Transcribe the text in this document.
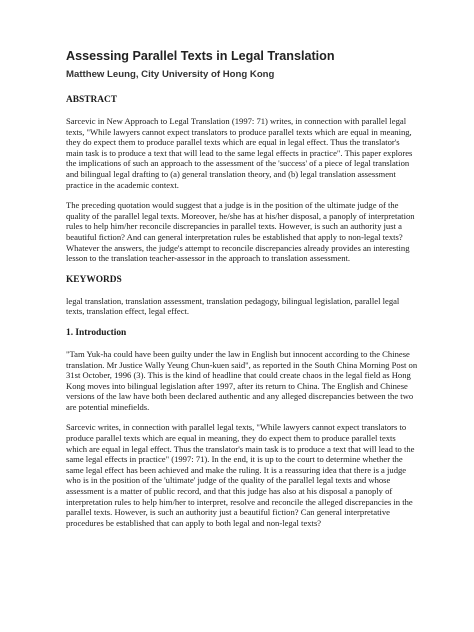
Assessing Parallel Texts in Legal Translation
Matthew Leung, City University of Hong Kong
ABSTRACT

Sarcevic in New Approach to Legal Translation (1997: 71) writes, in connection with parallel legal texts, "While lawyers cannot expect translators to produce parallel texts which are equal in meaning, they do expect them to produce parallel texts which are equal in legal effect. Thus the translator's main task is to produce a text that will lead to the same legal effects in practice". This paper explores the implications of such an approach to the assessment of the 'success' of a piece of legal translation and bilingual legal drafting to (a) general translation theory, and (b) legal translation assessment practice in the academic context.

The preceding quotation would suggest that a judge is in the position of the ultimate judge of the quality of the parallel legal texts. Moreover, he/she has at his/her disposal, a panoply of interpretation rules to help him/her reconcile discrepancies in parallel texts. However, is such an authority just a beautiful fiction? And can general interpretation rules be established that apply to non-legal texts? Whatever the answers, the judge's attempt to reconcile discrepancies already provides an interesting lesson to the translation teacher-assessor in the approach to translation assessment.

KEYWORDS

legal translation, translation assessment, translation pedagogy, bilingual legislation, parallel legal texts, translation effect, legal effect.

1. Introduction

"Tam Yuk-ha could have been guilty under the law in English but innocent according to the Chinese translation. Mr Justice Wally Yeung Chun-kuen said", as reported in the South China Morning Post on 31st October, 1996 (3). This is the kind of headline that could create chaos in the legal field as Hong Kong moves into bilingual legislation after 1997, after its return to China. The English and Chinese versions of the law have both been declared authentic and any alleged discrepancies between the two are potential minefields.

Sarcevic writes, in connection with parallel legal texts, "While lawyers cannot expect translators to produce parallel texts which are equal in meaning, they do expect them to produce parallel texts which are equal in legal effect. Thus the translator's main task is to produce a text that will lead to the same legal effects in practice" (1997: 71). In the end, it is up to the court to determine whether the same legal effect has been achieved and make the ruling. It is a reassuring idea that there is a judge who is in the position of the 'ultimate' judge of the quality of the parallel legal texts and whose assessment is a matter of public record, and that this judge has also at his disposal a panoply of interpretation rules to help him/her to interpret, resolve and reconcile the alleged discrepancies in the parallel texts. However, is such an authority just a beautiful fiction? Can general interpretative procedures be established that can apply to both legal and non-legal texts?
